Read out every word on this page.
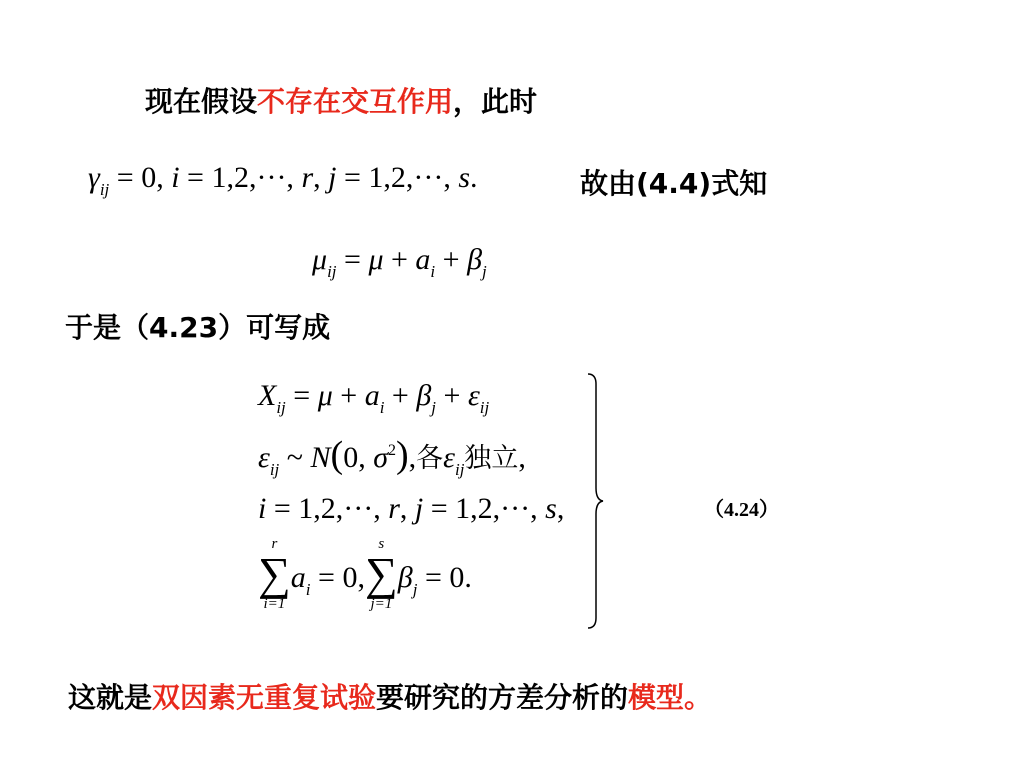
现在假设不存在交互作用，此时
$\gamma_{ij} = 0$, i = 1,2,···, r, j = 1,2,···, s.	故由(4.4)式知
$\mu_{ij} = \mu + a_i + \beta_j$
于是（4.23）可写成
$X_{ij} = \mu + a_i + \beta_j + \varepsilon_{ij}$
$\varepsilon_{ij}$ ~ N(0, $\sigma^2$),各$\varepsilon_{ij}$独立,
i = 1,2,···, r, j = 1,2,···, s,
r
∑
i=1
$a_i = 0$,
s
∑
j=1
$\beta_j = 0$.
（4.24）
这就是双因素无重复试验要研究的方差分析的模型。
